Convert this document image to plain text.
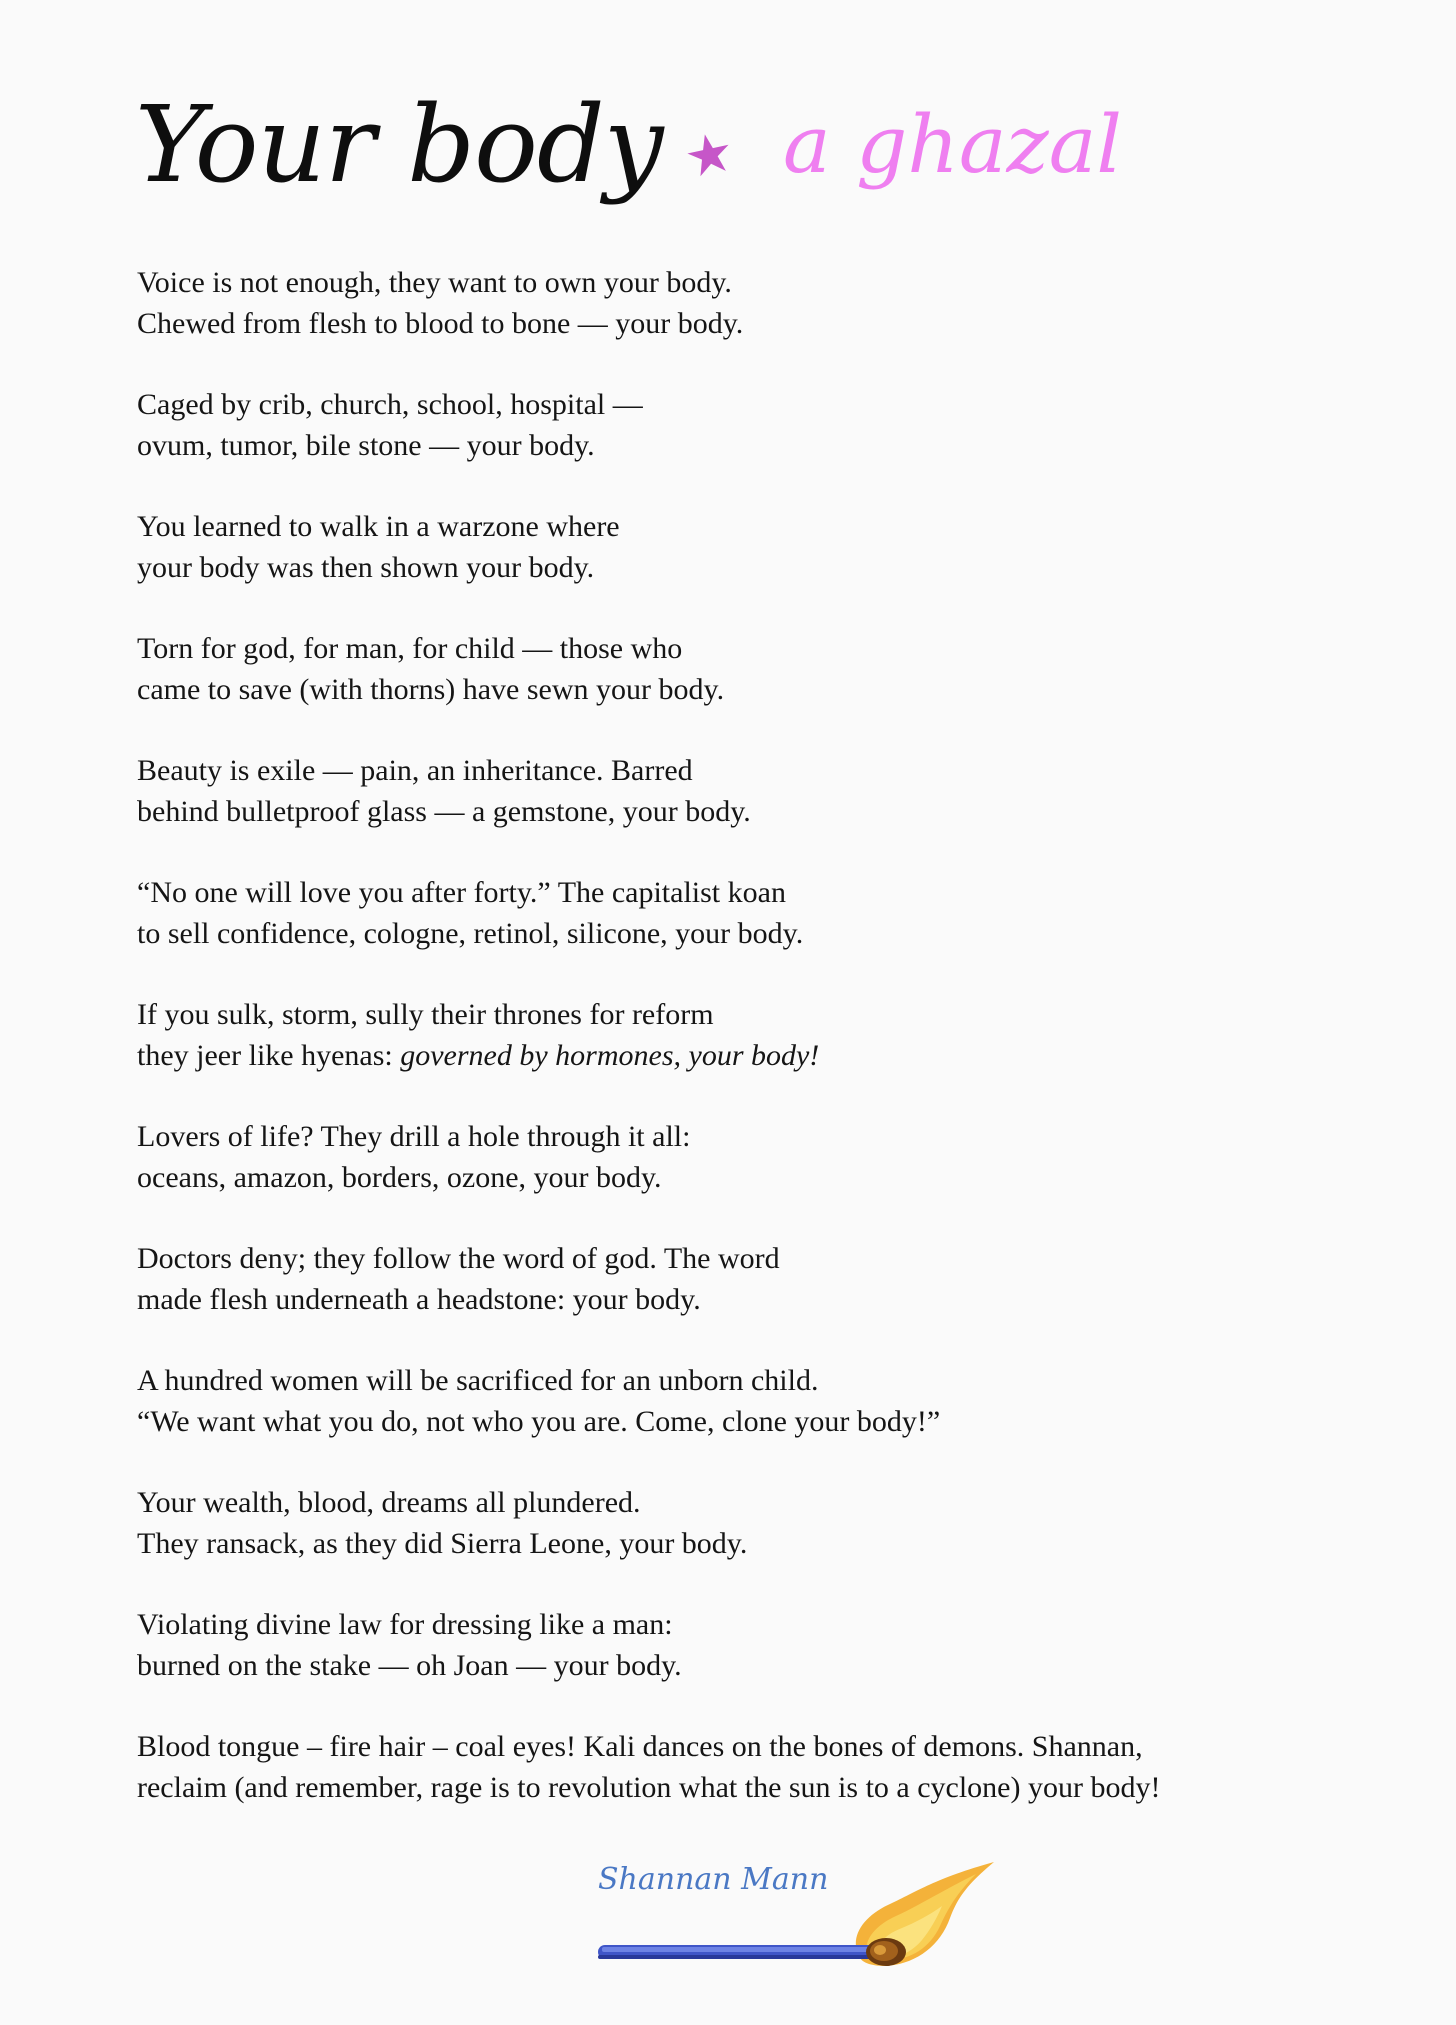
Your body a ghazal
Voice is not enough, they want to own your body.
Chewed from flesh to blood to bone — your body.
Caged by crib, church, school, hospital —
ovum, tumor, bile stone — your body.
You learned to walk in a warzone where
your body was then shown your body.
Torn for god, for man, for child — those who
came to save (with thorns) have sewn your body.
Beauty is exile — pain, an inheritance. Barred
behind bulletproof glass — a gemstone, your body.
“No one will love you after forty.” The capitalist koan
to sell confidence, cologne, retinol, silicone, your body.
If you sulk, storm, sully their thrones for reform
they jeer like hyenas: governed by hormones, your body!
Lovers of life? They drill a hole through it all:
oceans, amazon, borders, ozone, your body.
Doctors deny; they follow the word of god. The word
made flesh underneath a headstone: your body.
A hundred women will be sacrificed for an unborn child.
“We want what you do, not who you are. Come, clone your body!”
Your wealth, blood, dreams all plundered.
They ransack, as they did Sierra Leone, your body.
Violating divine law for dressing like a man:
burned on the stake — oh Joan — your body.
Blood tongue – fire hair – coal eyes! Kali dances on the bones of demons. Shannan,
reclaim (and remember, rage is to revolution what the sun is to a cyclone) your body!
Shannan Mann
